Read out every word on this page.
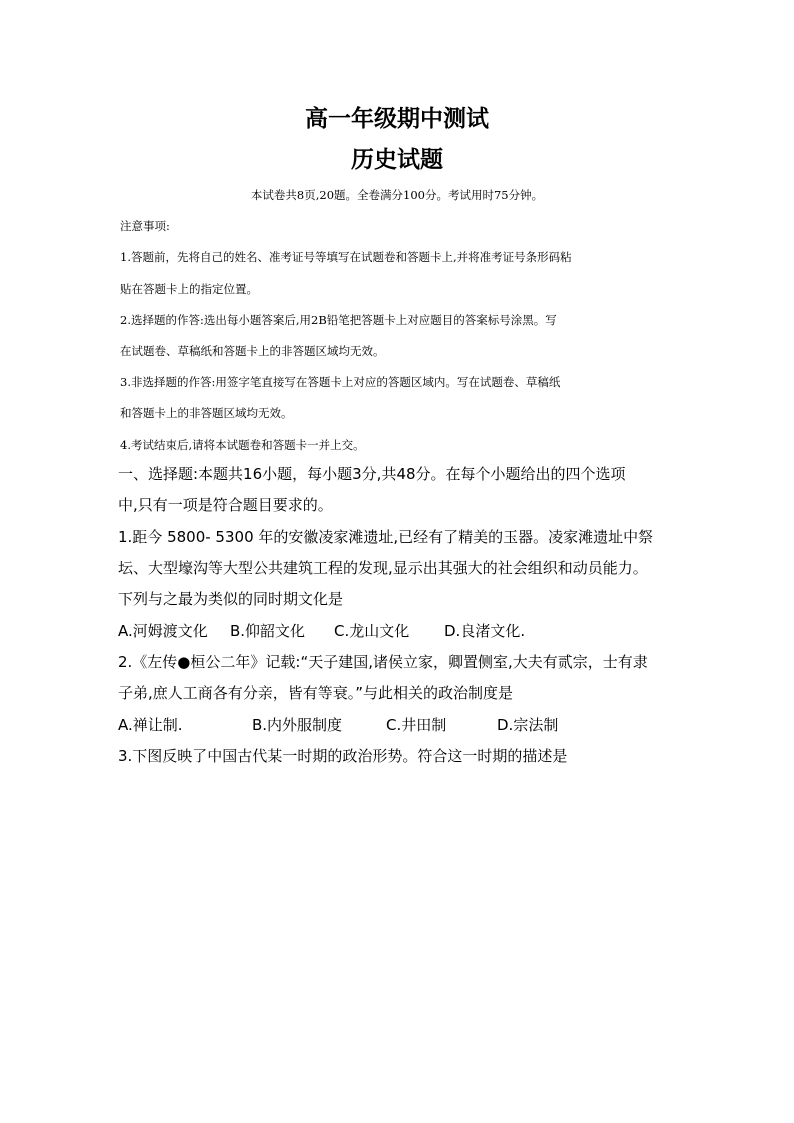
高一年级期中测试
历史试题
本试卷共8页,20题。全卷满分100分。考试用时75分钟。
注意事项:
1.答题前，先将自己的姓名、准考证号等填写在试题卷和答题卡上,并将准考证号条形码粘
贴在答题卡上的指定位置。
2.选择题的作答:选出每小题答案后,用2B铅笔把答题卡上对应题目的答案标号涂黑。写
在试题卷、草稿纸和答题卡上的非答题区域均无效。
3.非选择题的作答:用签字笔直接写在答题卡上对应的答题区域内。写在试题卷、草稿纸
和答题卡上的非答题区域均无效。
4.考试结束后,请将本试题卷和答题卡一并上交。
一、选择题:本题共16小题，每小题3分,共48分。在每个小题给出的四个选项
中,只有一项是符合题目要求的。
1.距今 5800- 5300 年的安徽凌家滩遗址,已经有了精美的玉器。凌家滩遗址中祭
坛、大型壕沟等大型公共建筑工程的发现,显示出其强大的社会组织和动员能力。
下列与之最为类似的同时期文化是
A.河姆渡文化 B.仰韶文化 C.龙山文化 D.良渚文化.
2.《左传●桓公二年》记载:“天子建国,诸侯立家，卿置侧室,大夫有贰宗，士有隶
子弟,庶人工商各有分亲，皆有等衰。”与此相关的政治制度是
A.禅让制.	B.内外服制度	C.井田制	D.宗法制
3.下图反映了中国古代某一时期的政治形势。符合这一时期的描述是
